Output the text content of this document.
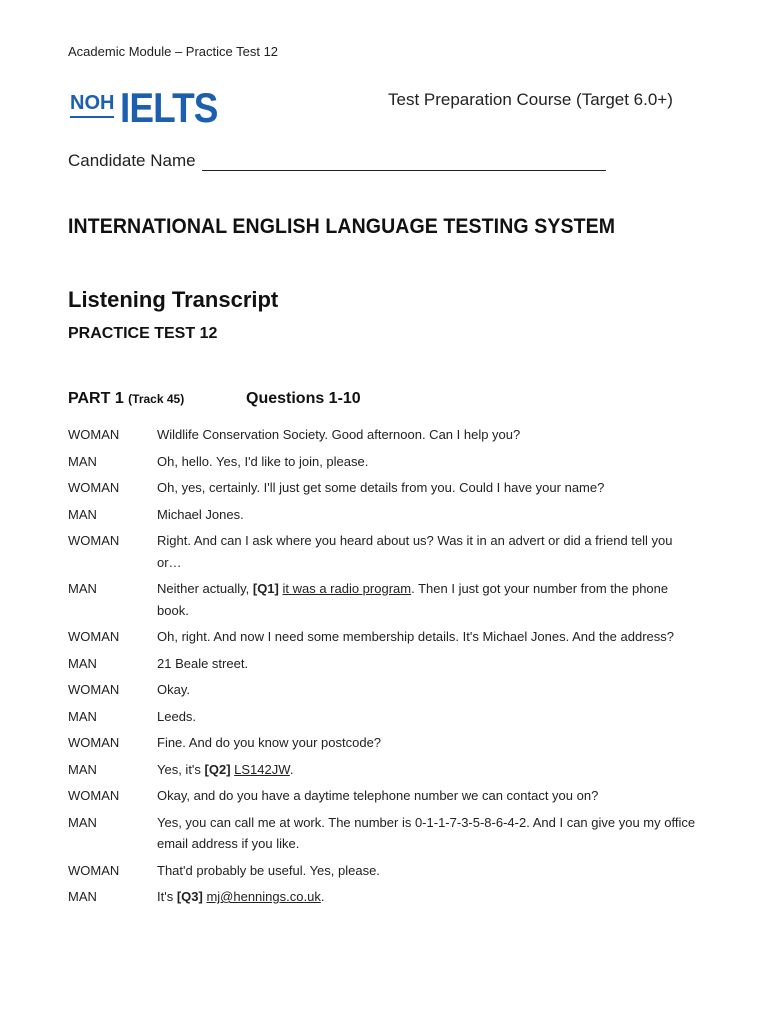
Academic Module – Practice Test 12
NOH IELTS	Test Preparation Course (Target 6.0+)
Candidate Name
INTERNATIONAL ENGLISH LANGUAGE TESTING SYSTEM
Listening Transcript
PRACTICE TEST 12
PART 1 (Track 45)	Questions 1-10
WOMAN	Wildlife Conservation Society. Good afternoon. Can I help you?
MAN	Oh, hello. Yes, I'd like to join, please.
WOMAN	Oh, yes, certainly. I'll just get some details from you. Could I have your name?
MAN	Michael Jones.
WOMAN	Right. And can I ask where you heard about us? Was it in an advert or did a friend tell you or…
MAN	Neither actually, [Q1] it was a radio program. Then I just got your number from the phone book.
WOMAN	Oh, right. And now I need some membership details. It's Michael Jones. And the address?
MAN	21 Beale street.
WOMAN	Okay.
MAN	Leeds.
WOMAN	Fine. And do you know your postcode?
MAN	Yes, it's [Q2] LS142JW.
WOMAN	Okay, and do you have a daytime telephone number we can contact you on?
MAN	Yes, you can call me at work. The number is 0-1-1-7-3-5-8-6-4-2. And I can give you my office email address if you like.
WOMAN	That'd probably be useful. Yes, please.
MAN	It's [Q3] mj@hennings.co.uk.
